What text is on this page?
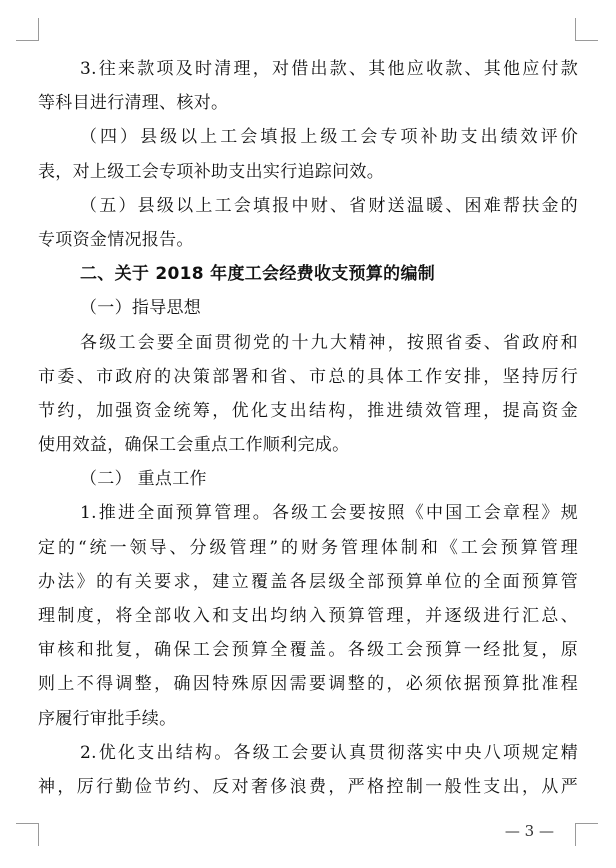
3.往来款项及时清理，对借出款、其他应收款、其他应付款
等科目进行清理、核对。
（四）县级以上工会填报上级工会专项补助支出绩效评价
表，对上级工会专项补助支出实行追踪问效。
（五）县级以上工会填报中财、省财送温暖、困难帮扶金的
专项资金情况报告。
二、关于 2018 年度工会经费收支预算的编制
（一）指导思想
各级工会要全面贯彻党的十九大精神，按照省委、省政府和
市委、市政府的决策部署和省、市总的具体工作安排，坚持厉行
节约，加强资金统筹，优化支出结构，推进绩效管理，提高资金
使用效益，确保工会重点工作顺利完成。
（二） 重点工作
1.推进全面预算管理。各级工会要按照《中国工会章程》规
定的“统一领导、分级管理”的财务管理体制和《工会预算管理
办法》的有关要求，建立覆盖各层级全部预算单位的全面预算管
理制度，将全部收入和支出均纳入预算管理，并逐级进行汇总、
审核和批复，确保工会预算全覆盖。各级工会预算一经批复，原
则上不得调整，确因特殊原因需要调整的，必须依据预算批准程
序履行审批手续。
2.优化支出结构。各级工会要认真贯彻落实中央八项规定精
神，厉行勤俭节约、反对奢侈浪费，严格控制一般性支出，从严
— 3 —
